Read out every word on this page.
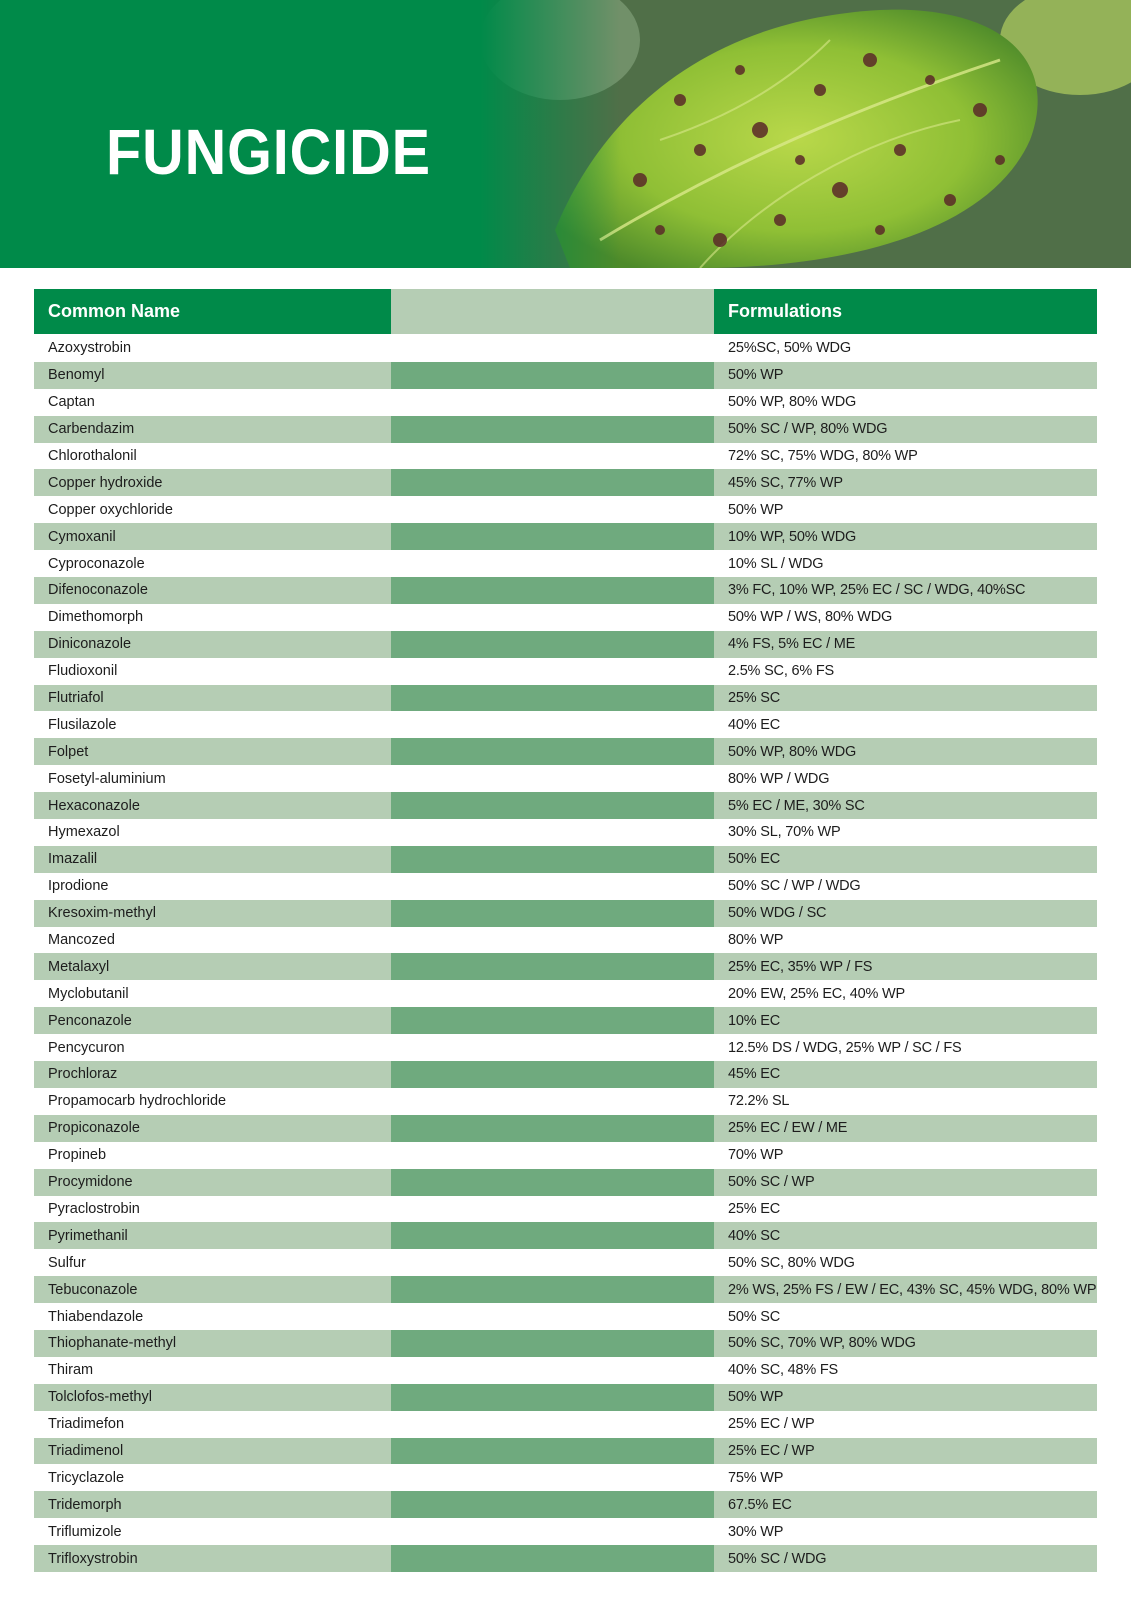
FUNGICIDE
Common Name	Formulations
Azoxystrobin	25%SC, 50% WDG
Benomyl	50% WP
Captan	50% WP, 80% WDG
Carbendazim	50% SC / WP, 80% WDG
Chlorothalonil	72% SC, 75% WDG, 80% WP
Copper hydroxide	45% SC, 77% WP
Copper oxychloride	50% WP
Cymoxanil	10% WP, 50% WDG
Cyproconazole	10% SL / WDG
Difenoconazole	3% FC, 10% WP, 25% EC / SC / WDG, 40%SC
Dimethomorph	50% WP / WS, 80% WDG
Diniconazole	4% FS, 5% EC / ME
Fludioxonil	2.5% SC, 6% FS
Flutriafol	25% SC
Flusilazole	40% EC
Folpet	50% WP, 80% WDG
Fosetyl-aluminium	80% WP / WDG
Hexaconazole	5% EC / ME, 30% SC
Hymexazol	30% SL, 70% WP
Imazalil	50% EC
Iprodione	50% SC / WP / WDG
Kresoxim-methyl	50% WDG / SC
Mancozed	80% WP
Metalaxyl	25% EC, 35% WP / FS
Myclobutanil	20% EW, 25% EC, 40% WP
Penconazole	10% EC
Pencycuron	12.5% DS / WDG, 25% WP / SC / FS
Prochloraz	45% EC
Propamocarb hydrochloride	72.2% SL
Propiconazole	25% EC / EW / ME
Propineb	70% WP
Procymidone	50% SC / WP
Pyraclostrobin	25% EC
Pyrimethanil	40% SC
Sulfur	50% SC, 80% WDG
Tebuconazole	2% WS, 25% FS / EW / EC, 43% SC, 45% WDG, 80% WP
Thiabendazole	50% SC
Thiophanate-methyl	50% SC, 70% WP, 80% WDG
Thiram	40% SC, 48% FS
Tolclofos-methyl	50% WP
Triadimefon	25% EC / WP
Triadimenol	25% EC / WP
Tricyclazole	75% WP
Tridemorph	67.5% EC
Triflumizole	30% WP
Trifloxystrobin	50% SC / WDG
